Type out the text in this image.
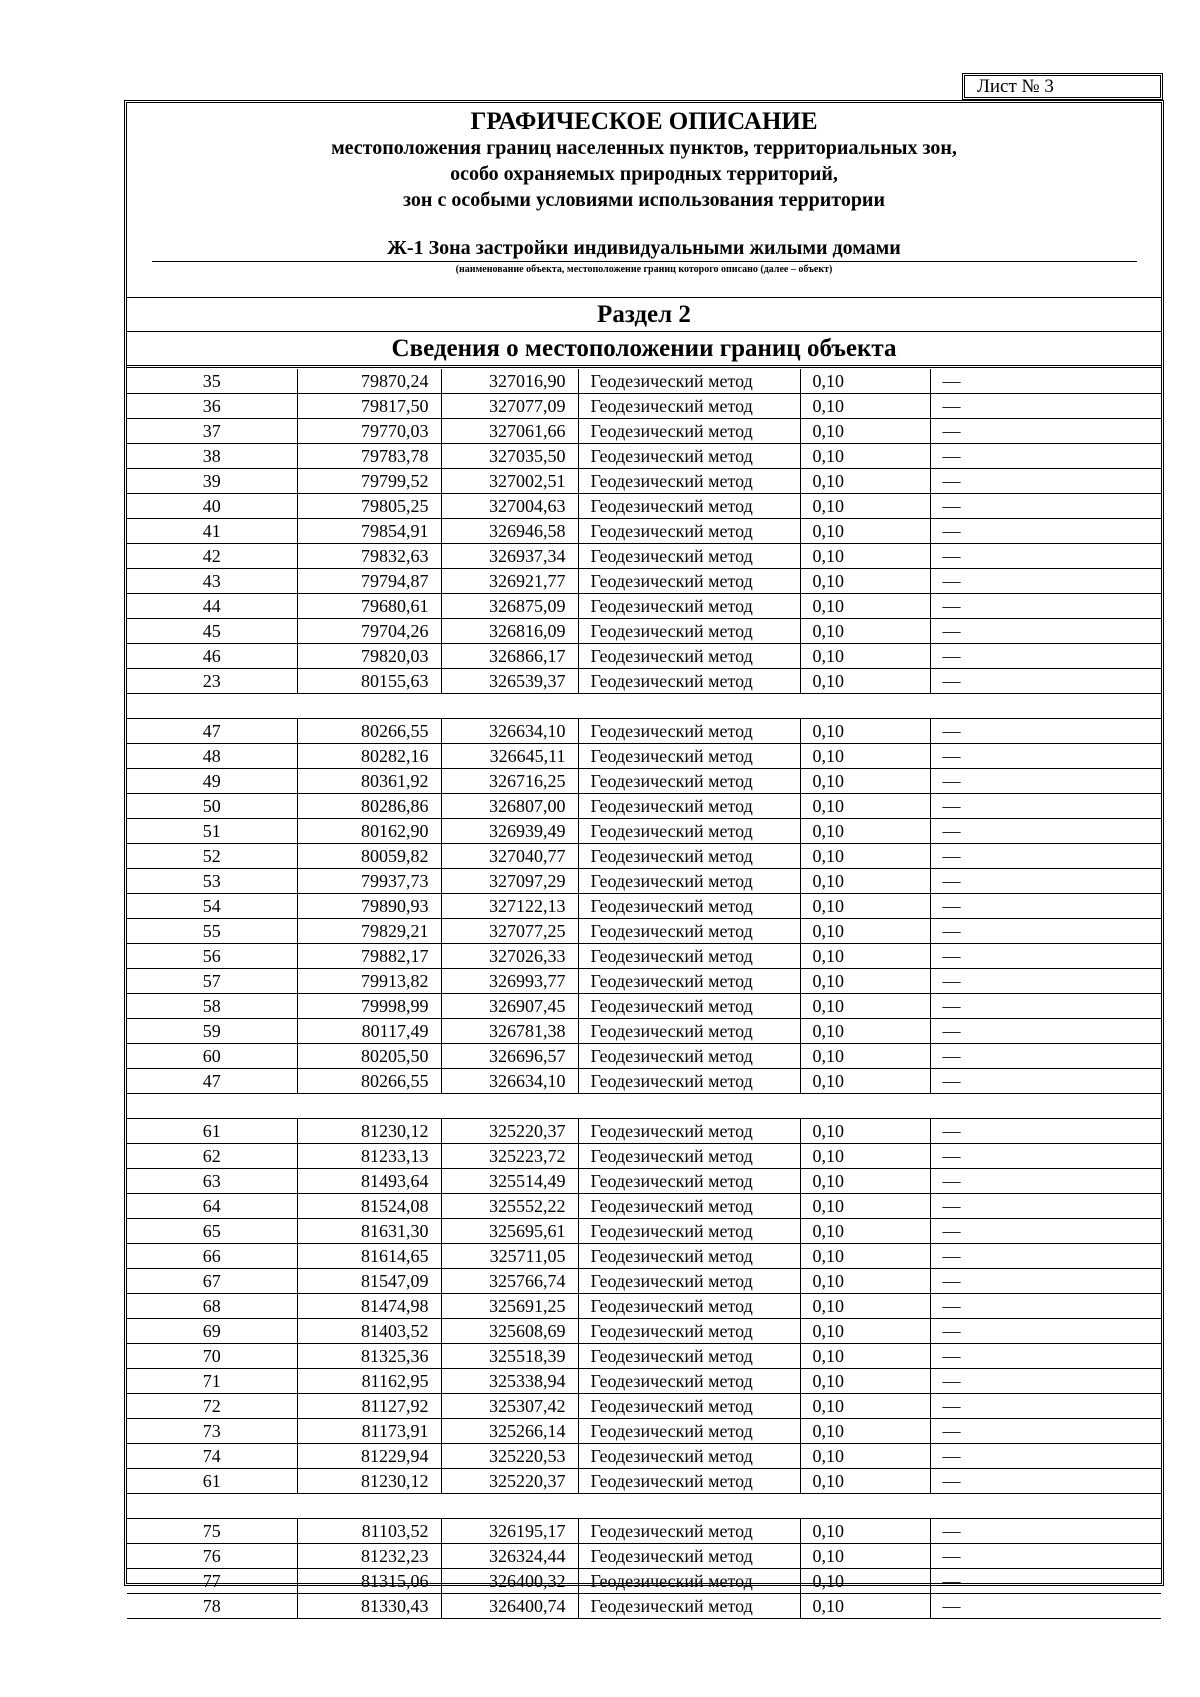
Лист № 3
ГРАФИЧЕСКОЕ ОПИСАНИЕ
местоположения границ населенных пунктов, территориальных зон,
особо охраняемых природных территорий,
зон с особыми условиями использования территории
Ж-1 Зона застройки индивидуальными жилыми домами
(наименование объекта, местоположение границ которого описано (далее – объект)
Раздел 2
Сведения о местоположении границ объекта
35	79870,24	327016,90	Геодезический метод	0,10	—
36	79817,50	327077,09	Геодезический метод	0,10	—
37	79770,03	327061,66	Геодезический метод	0,10	—
38	79783,78	327035,50	Геодезический метод	0,10	—
39	79799,52	327002,51	Геодезический метод	0,10	—
40	79805,25	327004,63	Геодезический метод	0,10	—
41	79854,91	326946,58	Геодезический метод	0,10	—
42	79832,63	326937,34	Геодезический метод	0,10	—
43	79794,87	326921,77	Геодезический метод	0,10	—
44	79680,61	326875,09	Геодезический метод	0,10	—
45	79704,26	326816,09	Геодезический метод	0,10	—
46	79820,03	326866,17	Геодезический метод	0,10	—
23	80155,63	326539,37	Геодезический метод	0,10	—

47	80266,55	326634,10	Геодезический метод	0,10	—
48	80282,16	326645,11	Геодезический метод	0,10	—
49	80361,92	326716,25	Геодезический метод	0,10	—
50	80286,86	326807,00	Геодезический метод	0,10	—
51	80162,90	326939,49	Геодезический метод	0,10	—
52	80059,82	327040,77	Геодезический метод	0,10	—
53	79937,73	327097,29	Геодезический метод	0,10	—
54	79890,93	327122,13	Геодезический метод	0,10	—
55	79829,21	327077,25	Геодезический метод	0,10	—
56	79882,17	327026,33	Геодезический метод	0,10	—
57	79913,82	326993,77	Геодезический метод	0,10	—
58	79998,99	326907,45	Геодезический метод	0,10	—
59	80117,49	326781,38	Геодезический метод	0,10	—
60	80205,50	326696,57	Геодезический метод	0,10	—
47	80266,55	326634,10	Геодезический метод	0,10	—

61	81230,12	325220,37	Геодезический метод	0,10	—
62	81233,13	325223,72	Геодезический метод	0,10	—
63	81493,64	325514,49	Геодезический метод	0,10	—
64	81524,08	325552,22	Геодезический метод	0,10	—
65	81631,30	325695,61	Геодезический метод	0,10	—
66	81614,65	325711,05	Геодезический метод	0,10	—
67	81547,09	325766,74	Геодезический метод	0,10	—
68	81474,98	325691,25	Геодезический метод	0,10	—
69	81403,52	325608,69	Геодезический метод	0,10	—
70	81325,36	325518,39	Геодезический метод	0,10	—
71	81162,95	325338,94	Геодезический метод	0,10	—
72	81127,92	325307,42	Геодезический метод	0,10	—
73	81173,91	325266,14	Геодезический метод	0,10	—
74	81229,94	325220,53	Геодезический метод	0,10	—
61	81230,12	325220,37	Геодезический метод	0,10	—

75	81103,52	326195,17	Геодезический метод	0,10	—
76	81232,23	326324,44	Геодезический метод	0,10	—
77	81315,06	326400,32	Геодезический метод	0,10	—
78	81330,43	326400,74	Геодезический метод	0,10	—
